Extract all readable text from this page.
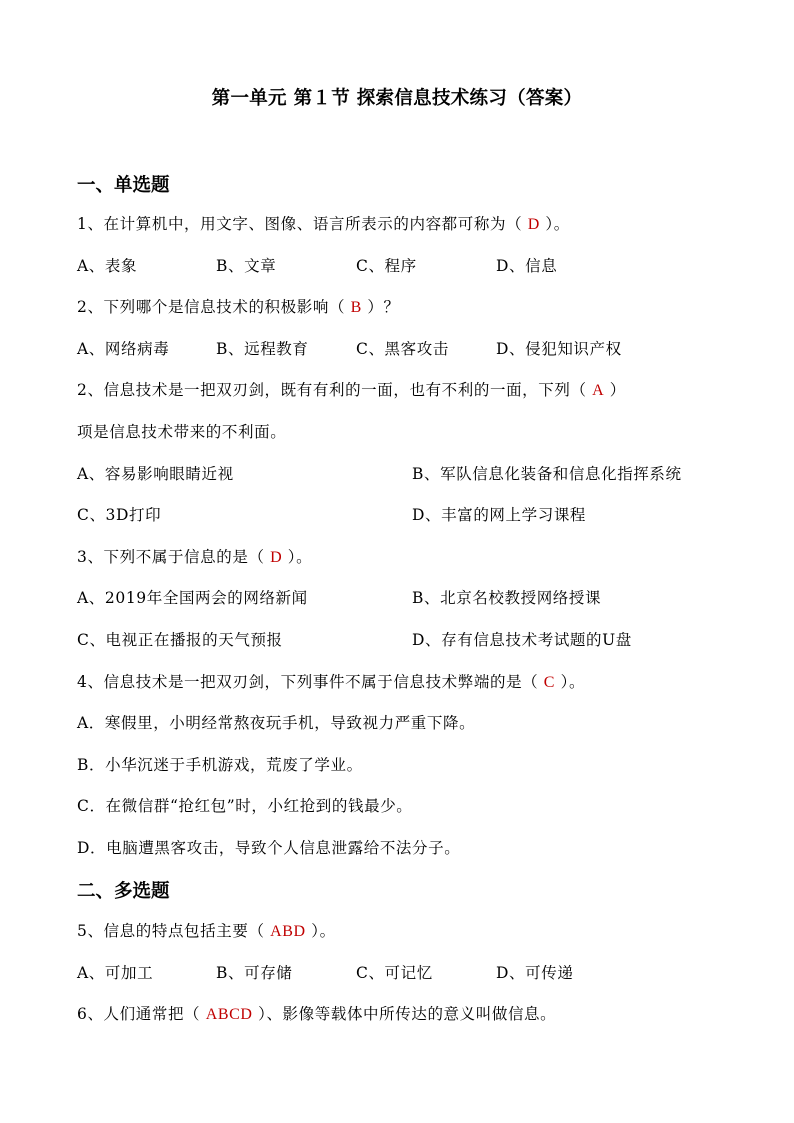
第一单元 第１节 探索信息技术练习（答案）
一、单选题
1、在计算机中，用文字、图像、语言所表示的内容都可称为（ D ）。
A、表象	B、文章	C、程序	D、信息
2、下列哪个是信息技术的积极影响（ B ）？
A、网络病毒	B、远程教育	C、黑客攻击	D、侵犯知识产权
2、信息技术是一把双刃剑，既有有利的一面，也有不利的一面，下列（ A ）
项是信息技术带来的不利面。
A、容易影响眼睛近视	B、军队信息化装备和信息化指挥系统
C、3D打印	D、丰富的网上学习课程
3、下列不属于信息的是（ D ）。
A、2019年全国两会的网络新闻	B、北京名校教授网络授课
C、电视正在播报的天气预报	D、存有信息技术考试题的U盘
4、信息技术是一把双刃剑，下列事件不属于信息技术弊端的是（ C ）。
A．寒假里，小明经常熬夜玩手机，导致视力严重下降。
B．小华沉迷于手机游戏，荒废了学业。
C．在微信群“抢红包”时，小红抢到的钱最少。
D．电脑遭黑客攻击，导致个人信息泄露给不法分子。
二、多选题
5、信息的特点包括主要（ ABD ）。
A、可加工	B、可存储	C、可记忆	D、可传递
6、人们通常把（ ABCD ）、影像等载体中所传达的意义叫做信息。
